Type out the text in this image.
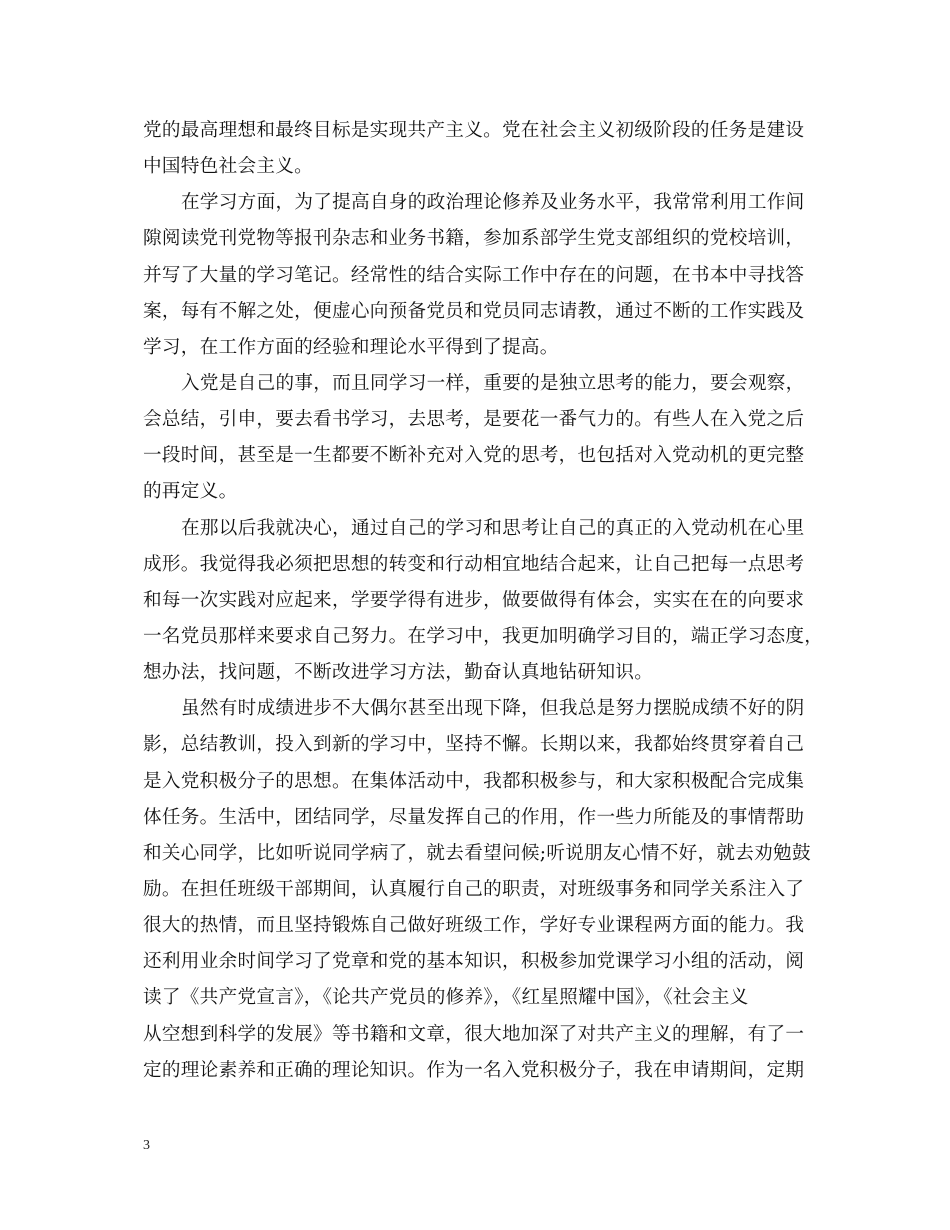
党的最高理想和最终目标是实现共产主义。党在社会主义初级阶段的任务是建设
中国特色社会主义。
在学习方面，为了提高自身的政治理论修养及业务水平，我常常利用工作间
隙阅读党刊党物等报刊杂志和业务书籍，参加系部学生党支部组织的党校培训，
并写了大量的学习笔记。经常性的结合实际工作中存在的问题，在书本中寻找答
案，每有不解之处，便虚心向预备党员和党员同志请教，通过不断的工作实践及
学习，在工作方面的经验和理论水平得到了提高。
入党是自己的事，而且同学习一样，重要的是独立思考的能力，要会观察，
会总结，引申，要去看书学习，去思考，是要花一番气力的。有些人在入党之后
一段时间，甚至是一生都要不断补充对入党的思考，也包括对入党动机的更完整
的再定义。
在那以后我就决心，通过自己的学习和思考让自己的真正的入党动机在心里
成形。我觉得我必须把思想的转变和行动相宜地结合起来，让自己把每一点思考
和每一次实践对应起来，学要学得有进步，做要做得有体会，实实在在的向要求
一名党员那样来要求自己努力。在学习中，我更加明确学习目的，端正学习态度，
想办法，找问题，不断改进学习方法，勤奋认真地钻研知识。
虽然有时成绩进步不大偶尔甚至出现下降，但我总是努力摆脱成绩不好的阴
影，总结教训，投入到新的学习中，坚持不懈。长期以来，我都始终贯穿着自己
是入党积极分子的思想。在集体活动中，我都积极参与，和大家积极配合完成集
体任务。生活中，团结同学，尽量发挥自己的作用，作一些力所能及的事情帮助
和关心同学，比如听说同学病了，就去看望问候;听说朋友心情不好，就去劝勉鼓
励。在担任班级干部期间，认真履行自己的职责，对班级事务和同学关系注入了
很大的热情，而且坚持锻炼自己做好班级工作，学好专业课程两方面的能力。我
还利用业余时间学习了党章和党的基本知识，积极参加党课学习小组的活动，阅
读了《共产党宣言》，《论共产党员的修养》，《红星照耀中国》，《社会主义
从空想到科学的发展》等书籍和文章，很大地加深了对共产主义的理解，有了一
定的理论素养和正确的理论知识。作为一名入党积极分子，我在申请期间，定期
3
